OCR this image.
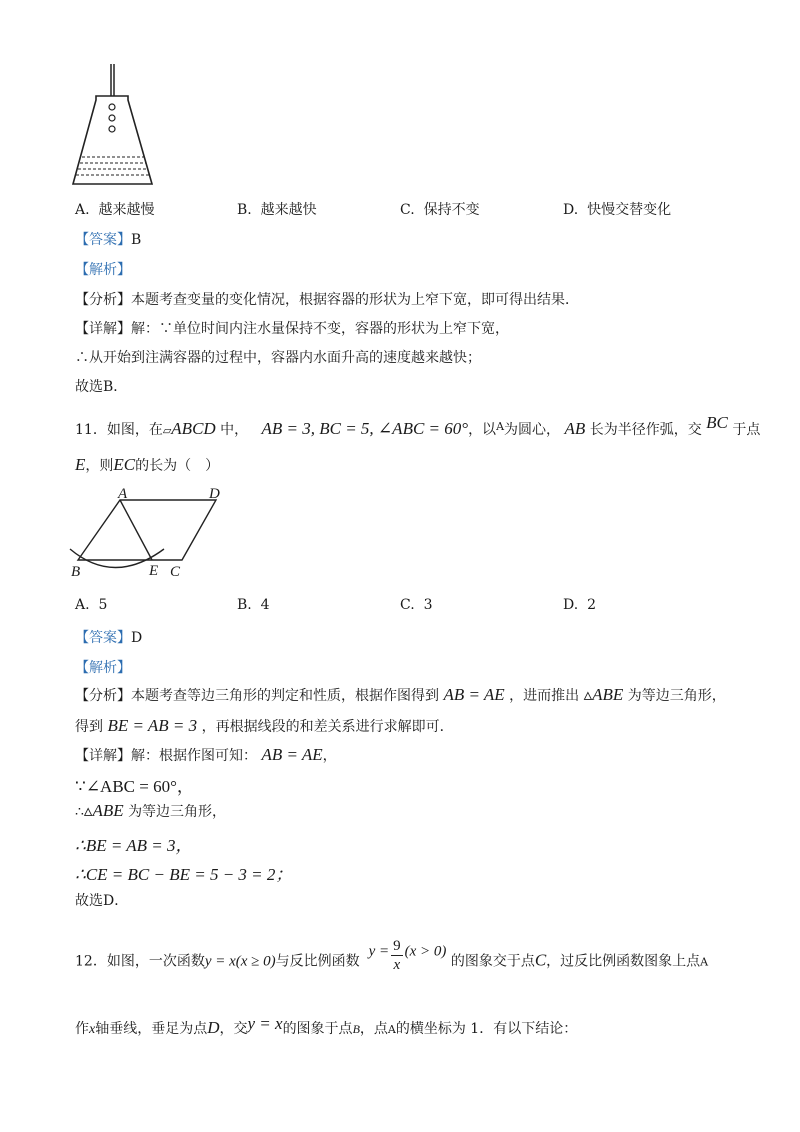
A. 越来越慢	B. 越来越快	C. 保持不变	D. 快慢交替变化
【答案】B
【解析】
【分析】本题考查变量的变化情况，根据容器的形状为上窄下宽，即可得出结果．
【详解】解：∵单位时间内注水量保持不变，容器的形状为上窄下宽，
∴从开始到注满容器的过程中，容器内水面升高的速度越来越快；
故选B．
11．如图，在▱ABCD 中， AB = 3, BC = 5, ∠ABC = 60°，以$^A$为圆心， AB 长为半径作弧，交 BC 于点
E，则EC的长为（　）
A	D
B	E C
A. 5	B. 4	C. 3	D. 2
【答案】D
【解析】
【分析】本题考查等边三角形的判定和性质，根据作图得到 AB = AE ，进而推出 ▵ABE 为等边三角形，
得到 BE = AB = 3 ，再根据线段的和差关系进行求解即可．
【详解】解：根据作图可知： AB = AE，
∵∠ABC = 60°，
∴▵ABE 为等边三角形，
∴BE = AB = 3，
∴CE = BC − BE = 5 − 3 = 2；
故选D．
12．如图，一次函数y = x(x ≥ 0)与反比例函数  $y = \frac{9}{x} (x > 0)$ 的图象交于点C，过反比例函数图象上点A
作x轴垂线，垂足为点D，交y = x的图象于点B，点A的横坐标为 1．有以下结论：
